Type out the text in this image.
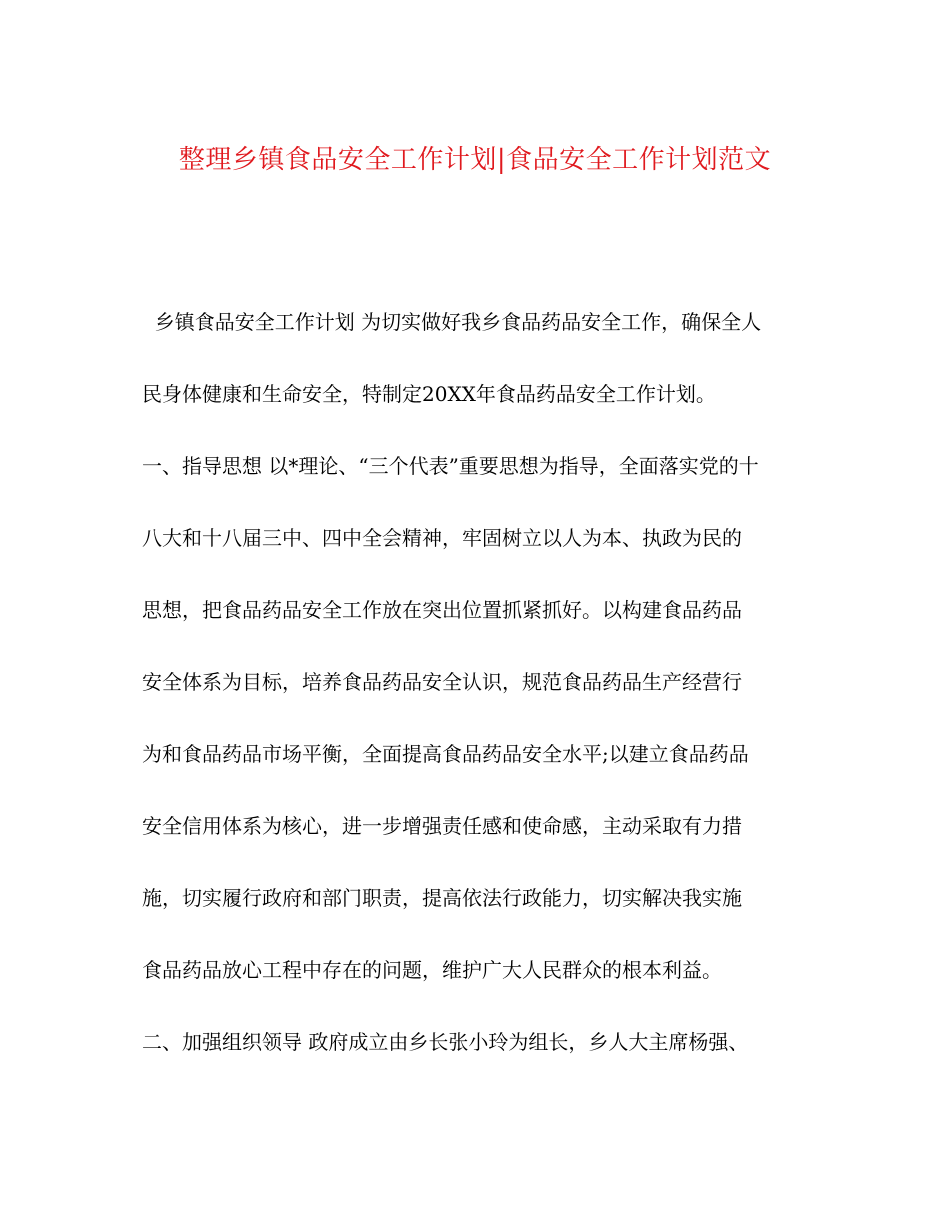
整理乡镇食品安全工作计划|食品安全工作计划范文
乡镇食品安全工作计划 为切实做好我乡食品药品安全工作，确保全人
民身体健康和生命安全，特制定20XX年食品药品安全工作计划。
一、指导思想 以*理论、“三个代表”重要思想为指导，全面落实党的十
八大和十八届三中、四中全会精神，牢固树立以人为本、执政为民的
思想，把食品药品安全工作放在突出位置抓紧抓好。以构建食品药品
安全体系为目标，培养食品药品安全认识，规范食品药品生产经营行
为和食品药品市场平衡，全面提高食品药品安全水平;以建立食品药品
安全信用体系为核心，进一步增强责任感和使命感，主动采取有力措
施，切实履行政府和部门职责，提高依法行政能力，切实解决我实施
食品药品放心工程中存在的问题，维护广大人民群众的根本利益。
二、加强组织领导 政府成立由乡长张小玲为组长，乡人大主席杨强、
